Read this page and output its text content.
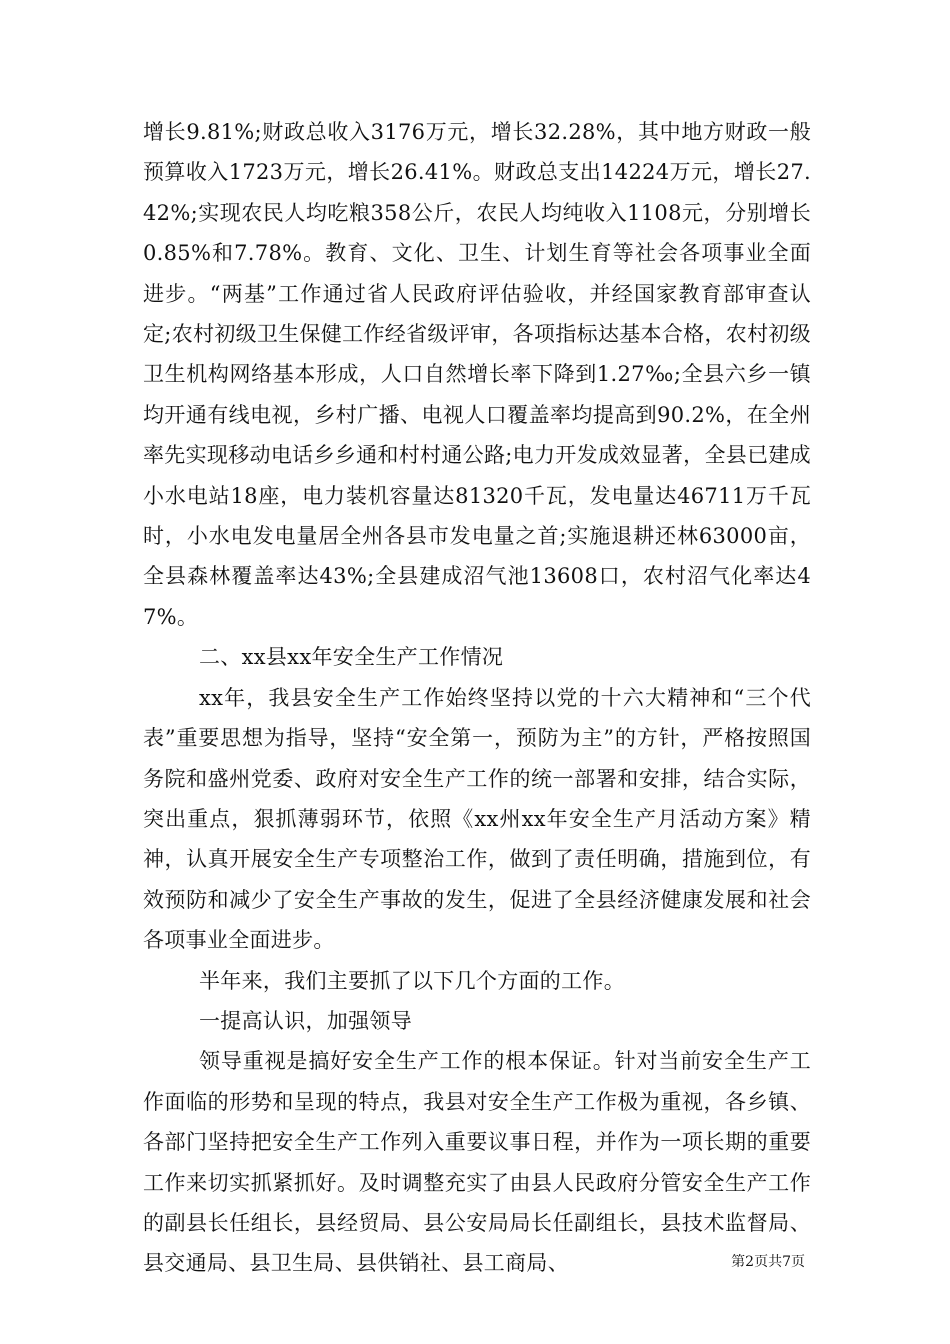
增长9.81%;财政总收入3176万元，增长32.28%，其中地方财政一般预算收入1723万元，增长26.41%。财政总支出14224万元，增长27.42%;实现农民人均吃粮358公斤，农民人均纯收入1108元，分别增长0.85%和7.78%。教育、文化、卫生、计划生育等社会各项事业全面进步。“两基”工作通过省人民政府评估验收，并经国家教育部审查认定;农村初级卫生保健工作经省级评审，各项指标达基本合格，农村初级卫生机构网络基本形成，人口自然增长率下降到1.27‰;全县六乡一镇均开通有线电视，乡村广播、电视人口覆盖率均提高到90.2%，在全州率先实现移动电话乡乡通和村村通公路;电力开发成效显著，全县已建成小水电站18座，电力装机容量达81320千瓦，发电量达46711万千瓦时，小水电发电量居全州各县市发电量之首;实施退耕还林63000亩，全县森林覆盖率达43%;全县建成沼气池13608口，农村沼气化率达47%。

二、xx县xx年安全生产工作情况

xx年，我县安全生产工作始终坚持以党的十六大精神和“三个代表”重要思想为指导，坚持“安全第一，预防为主”的方针，严格按照国务院和盛州党委、政府对安全生产工作的统一部署和安排，结合实际，突出重点，狠抓薄弱环节，依照《xx州xx年安全生产月活动方案》精神，认真开展安全生产专项整治工作，做到了责任明确，措施到位，有效预防和减少了安全生产事故的发生，促进了全县经济健康发展和社会各项事业全面进步。

半年来，我们主要抓了以下几个方面的工作。

一提高认识，加强领导

领导重视是搞好安全生产工作的根本保证。针对当前安全生产工作面临的形势和呈现的特点，我县对安全生产工作极为重视，各乡镇、各部门坚持把安全生产工作列入重要议事日程，并作为一项长期的重要工作来切实抓紧抓好。及时调整充实了由县人民政府分管安全生产工作的副县长任组长，县经贸局、县公安局局长任副组长，县技术监督局、县交通局、县卫生局、县供销社、县工商局、	第2页共7页
